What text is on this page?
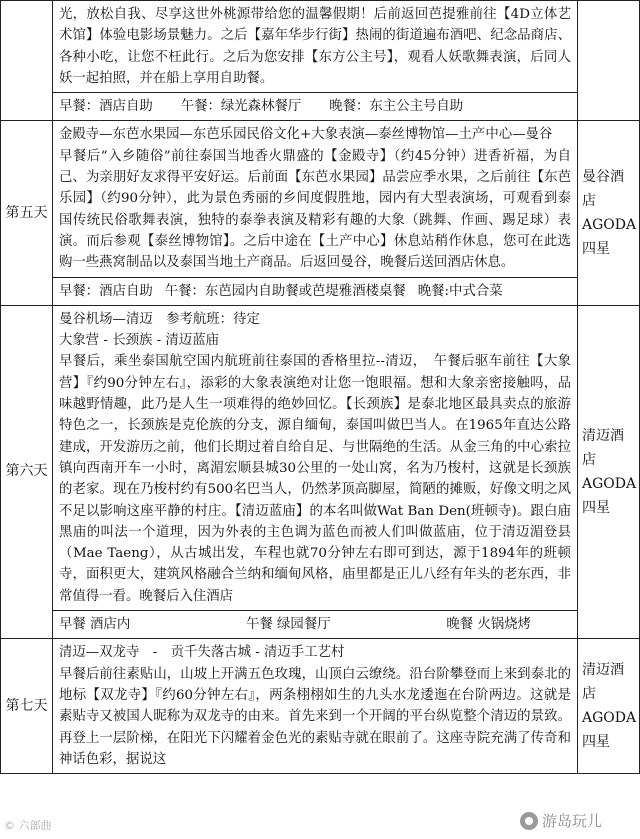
	光，放松自我、尽享这世外桃源带给您的温馨假期！后前返回芭提雅前往【4D立体艺术馆】体验电影场景魅力。之后【嘉年华步行街】热闹的街道遍布酒吧、纪念品商店、各种小吃，让您不枉此行。之后为您安排【东方公主号】，观看人妖歌舞表演，后同人妖一起拍照，并在船上享用自助餐。	

	早餐：酒店自助 午餐：绿光森林餐厅 晚餐：东主公主号自助	

第五天	金殿寺—东芭水果园—东芭乐园民俗文化+大象表演—泰丝博物馆—土产中心—曼谷
早餐后“入乡随俗”前往泰国当地香火鼎盛的【金殿寺】（约45分钟）进香祈福，为自己、为亲朋好友求得平安好运。后前面【东芭水果园】品尝应季水果，之后前往【东芭乐园】（约90分钟），此为景色秀丽的乡间度假胜地，园内有大型表演场，可观看到泰国传统民俗歌舞表演，独特的泰拳表演及精彩有趣的大象（跳舞、作画、踢足球）表演。而后参观【泰丝博物馆】。之后中途在【土产中心】休息站稍作休息，您可在此选购一些燕窝制品以及泰国当地土产商品。后返回曼谷，晚餐后送回酒店休息。	曼谷酒店AGODA四星

	早餐：酒店自助 午餐：东芭园内自助餐或芭堤雅酒楼桌餐 晚餐:中式合菜	

第六天	曼谷机场—清迈　参考航班：待定
大象营 - 长颈族 - 清迈蓝庙
早餐后，乘坐泰国航空国内航班前往泰国的香格里拉--清迈，　午餐后驱车前往【大象营】『约90分钟左右』，添彩的大象表演绝对让您一饱眼福。想和大象亲密接触吗，品味越野情趣，此乃是人生一项难得的绝妙回忆。【长颈族】是泰北地区最具卖点的旅游特色之一，长颈族是克伦族的分支，源自缅甸，泰国叫做巴当人。在1965年直达公路建成，开发游历之前，他们长期过着自给自足、与世隔绝的生活。从金三角的中心索拉镇向西南开车一小时，离湄宏顺县城30公里的一处山窝，名为乃梭村，这就是长颈族的老家。现在乃梭村约有500名巴当人，仍然茅顶高脚屋，简陋的摊贩，好像文明之风不足以影响这座平静的村庄。【清迈蓝庙】的本名叫做Wat Ban Den(班顿寺)。跟白庙黑庙的叫法一个道理，因为外表的主色调为蓝色而被人们叫做蓝庙，位于清迈湄登县（Mae Taeng），从古城出发，车程也就70分钟左右即可到达，源于1894年的班顿寺，面积更大，建筑风格融合兰纳和缅甸风格，庙里都是正儿八经有年头的老东西，非常值得一看。晚餐后入住酒店	清迈酒店AGODA四星

	早餐 酒店内 午餐 绿园餐厅 晚餐 火锅烧烤	

第七天	清迈—双龙寺　-　贡千失落古城 - 清迈手工艺村
早餐后前往素贴山，山坡上开满五色玫瑰，山顶白云缭绕。沿台阶攀登而上来到泰北的地标【双龙寺】『约60分钟左右』，两条栩栩如生的九头水龙逶迤在台阶两边。这就是素贴寺又被国人昵称为双龙寺的由来。首先来到一个开阔的平台纵览整个清迈的景致。再登上一层阶梯，在阳光下闪耀着金色光的素贴寺就在眼前了。这座寺院充满了传奇和神话色彩，据说这	清迈酒店AGODA四星
© 六部曲	游岛玩儿
